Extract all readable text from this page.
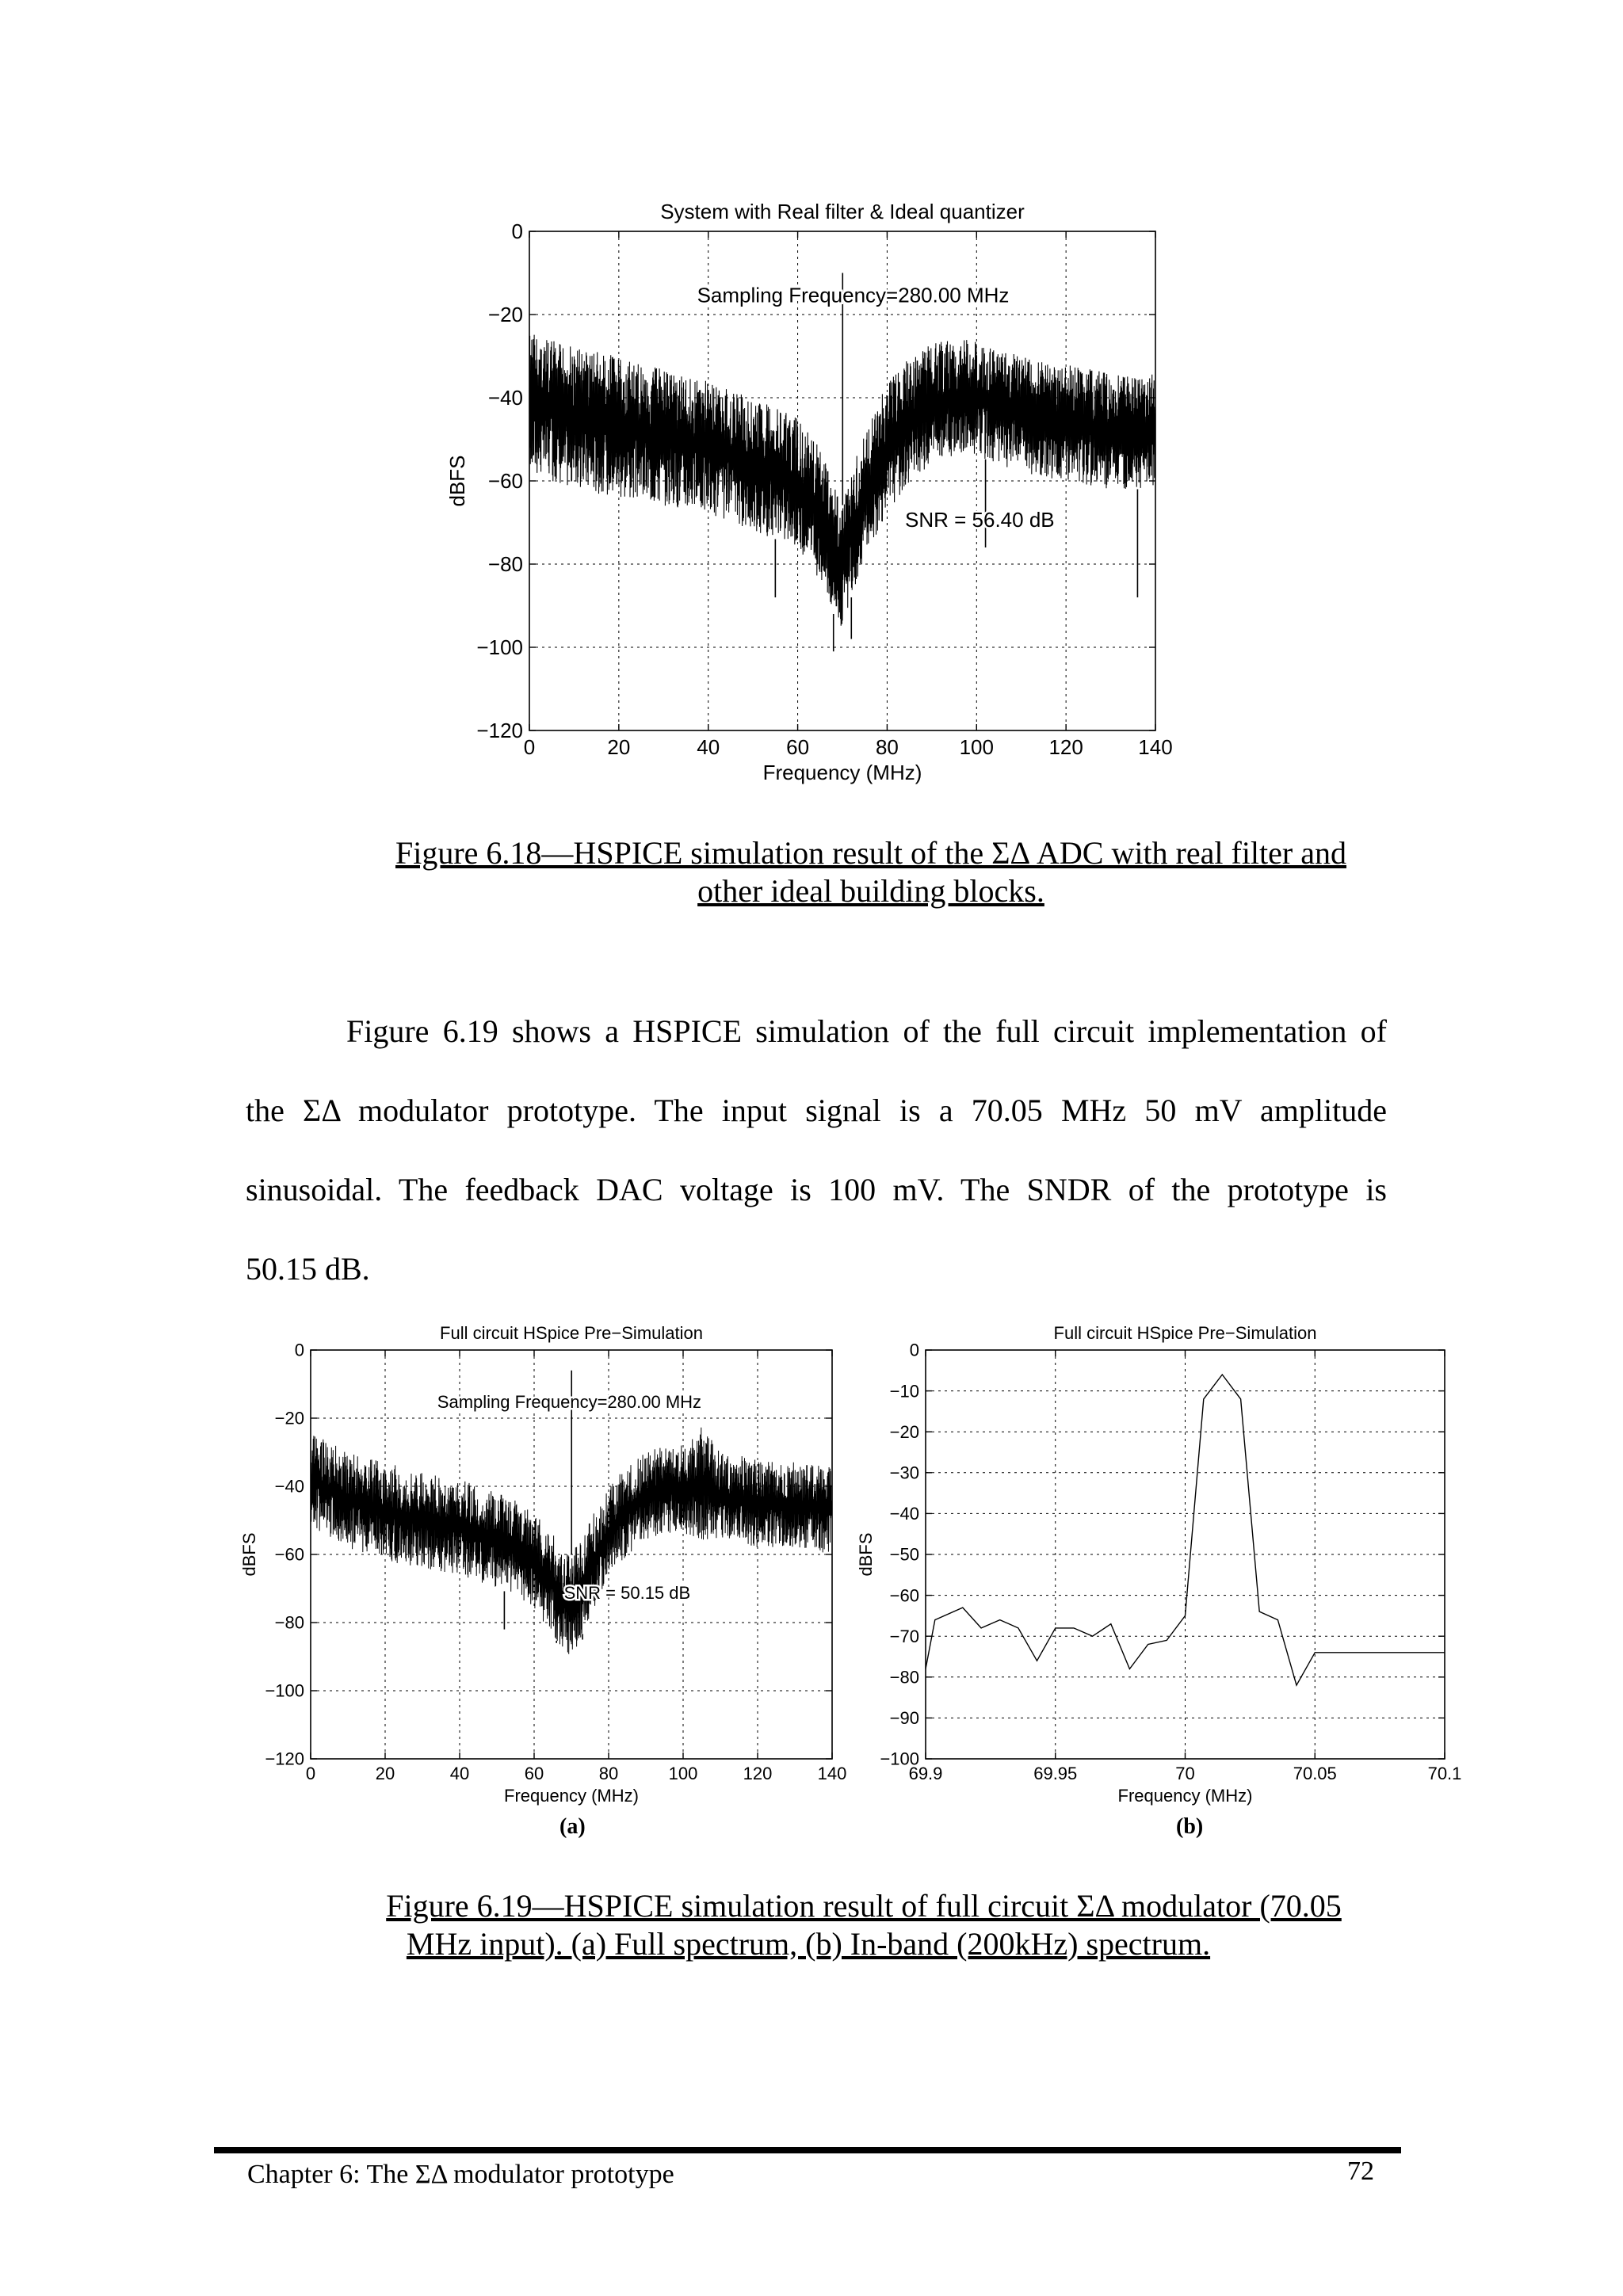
0	20	40	60	80	100	120	140
0
−20
−40
−60
−80
−100
−120
System with Real filter & Ideal quantizer
Frequency (MHz)
dBFS
Sampling Frequency=280.00 MHz
SNR = 56.40 dB
Figure 6.18—HSPICE simulation result of the ΣΔ ADC with real filter and
other ideal building blocks.
Figure 6.19 shows a HSPICE simulation of the full circuit implementation of
the ΣΔ modulator prototype. The input signal is a 70.05 MHz 50 mV amplitude
sinusoidal. The feedback DAC voltage is 100 mV. The SNDR of the prototype is
50.15 dB.
0	20	40	60	80	100	120	140
0
−20
−40
−60
−80
−100
−120
Full circuit HSpice Pre−Simulation
Frequency (MHz)
dBFS
Sampling Frequency=280.00 MHz
SNR = 50.15 dB
69.9	69.95	70	70.05	70.1
0
−10
−20
−30
−40
−50
−60
−70
−80
−90
−100
Full circuit HSpice Pre−Simulation
Frequency (MHz)
dBFS
(a)	(b)
Figure 6.19—HSPICE simulation result of full circuit ΣΔ modulator (70.05
MHz input). (a) Full spectrum, (b) In-band (200kHz) spectrum.
Chapter 6: The ΣΔ modulator prototype	72
